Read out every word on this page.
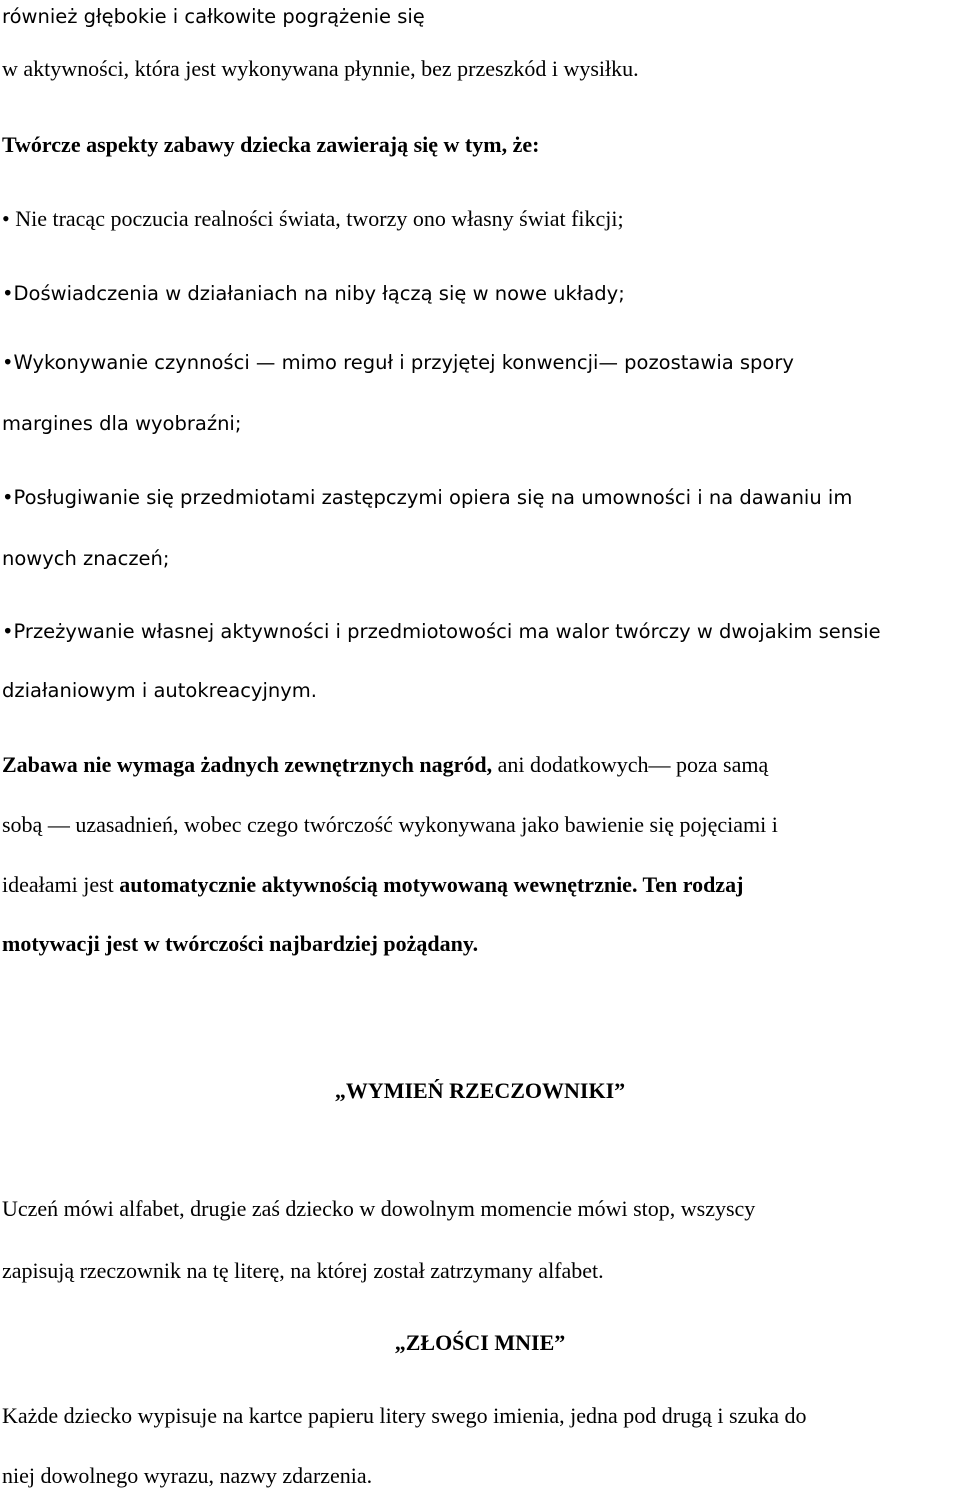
również głębokie i całkowite pogrążenie się
w aktywności, która jest wykonywana płynnie, bez przeszkód i wysiłku.
Twórcze aspekty zabawy dziecka zawierają się w tym, że:
• Nie tracąc poczucia realności świata, tworzy ono własny świat fikcji;
•Doświadczenia w działaniach na niby łączą się w nowe układy;
•Wykonywanie czynności — mimo reguł i przyjętej konwencji— pozostawia spory
margines dla wyobraźni;
•Posługiwanie się przedmiotami zastępczymi opiera się na umowności i na dawaniu im
nowych znaczeń;
•Przeżywanie własnej aktywności i przedmiotowości ma walor twórczy w dwojakim sensie
działaniowym i autokreacyjnym.
Zabawa nie wymaga żadnych zewnętrznych nagród, ani dodatkowych— poza samą
sobą — uzasadnień, wobec czego twórczość wykonywana jako bawienie się pojęciami i
ideałami jest automatycznie aktywnością motywowaną wewnętrznie. Ten rodzaj
motywacji jest w twórczości najbardziej pożądany.
„WYMIEŃ RZECZOWNIKI”
Uczeń mówi alfabet, drugie zaś dziecko w dowolnym momencie mówi stop, wszyscy
zapisują rzeczownik na tę literę, na której został zatrzymany alfabet.
„ZŁOŚCI MNIE”
Każde dziecko wypisuje na kartce papieru litery swego imienia, jedna pod drugą i szuka do
niej dowolnego wyrazu, nazwy zdarzenia.
